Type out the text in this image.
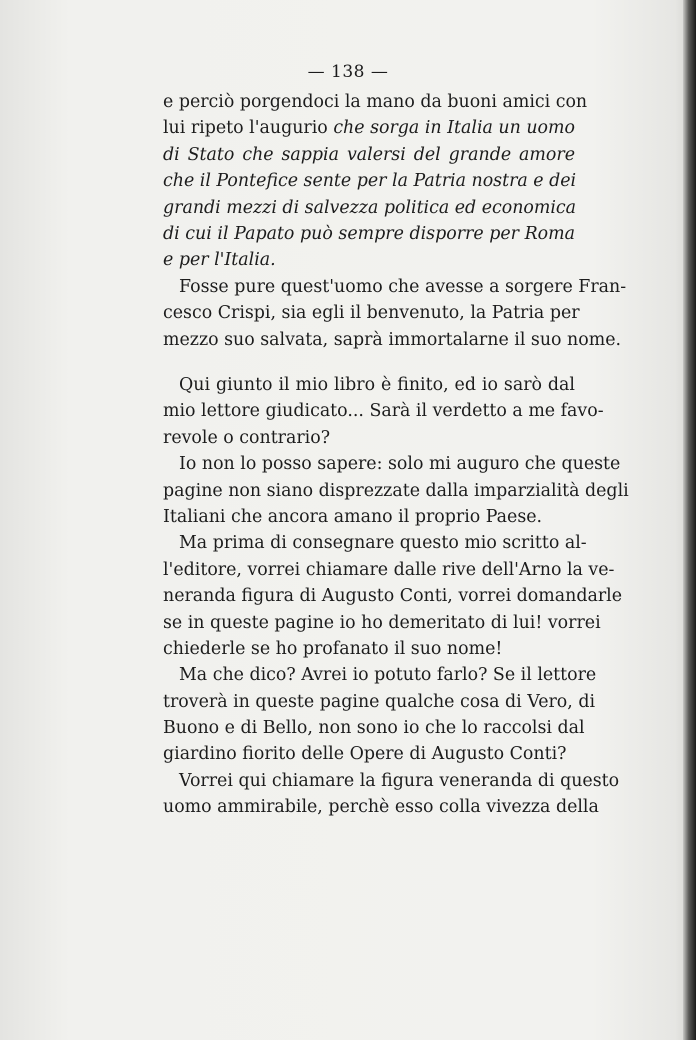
— 138 —
e perciò porgendoci la mano da buoni amici con
lui ripeto l'augurio che sorga in Italia un uomo
di Stato che sappia valersi del grande amore
che il Pontefice sente per la Patria nostra e dei
grandi mezzi di salvezza politica ed economica
di cui il Papato può sempre disporre per Roma
e per l'Italia.
Fosse pure quest'uomo che avesse a sorgere Fran-
cesco Crispi, sia egli il benvenuto, la Patria per
mezzo suo salvata, saprà immortalarne il suo nome.
Qui giunto il mio libro è finito, ed io sarò dal
mio lettore giudicato... Sarà il verdetto a me favo-
revole o contrario?
Io non lo posso sapere: solo mi auguro che queste
pagine non siano disprezzate dalla imparzialità degli
Italiani che ancora amano il proprio Paese.
Ma prima di consegnare questo mio scritto al-
l'editore, vorrei chiamare dalle rive dell'Arno la ve-
neranda figura di Augusto Conti, vorrei domandarle
se in queste pagine io ho demeritato di lui! vorrei
chiederle se ho profanato il suo nome!
Ma che dico? Avrei io potuto farlo? Se il lettore
troverà in queste pagine qualche cosa di Vero, di
Buono e di Bello, non sono io che lo raccolsi dal
giardino fiorito delle Opere di Augusto Conti?
Vorrei qui chiamare la figura veneranda di questo
uomo ammirabile, perchè esso colla vivezza della
